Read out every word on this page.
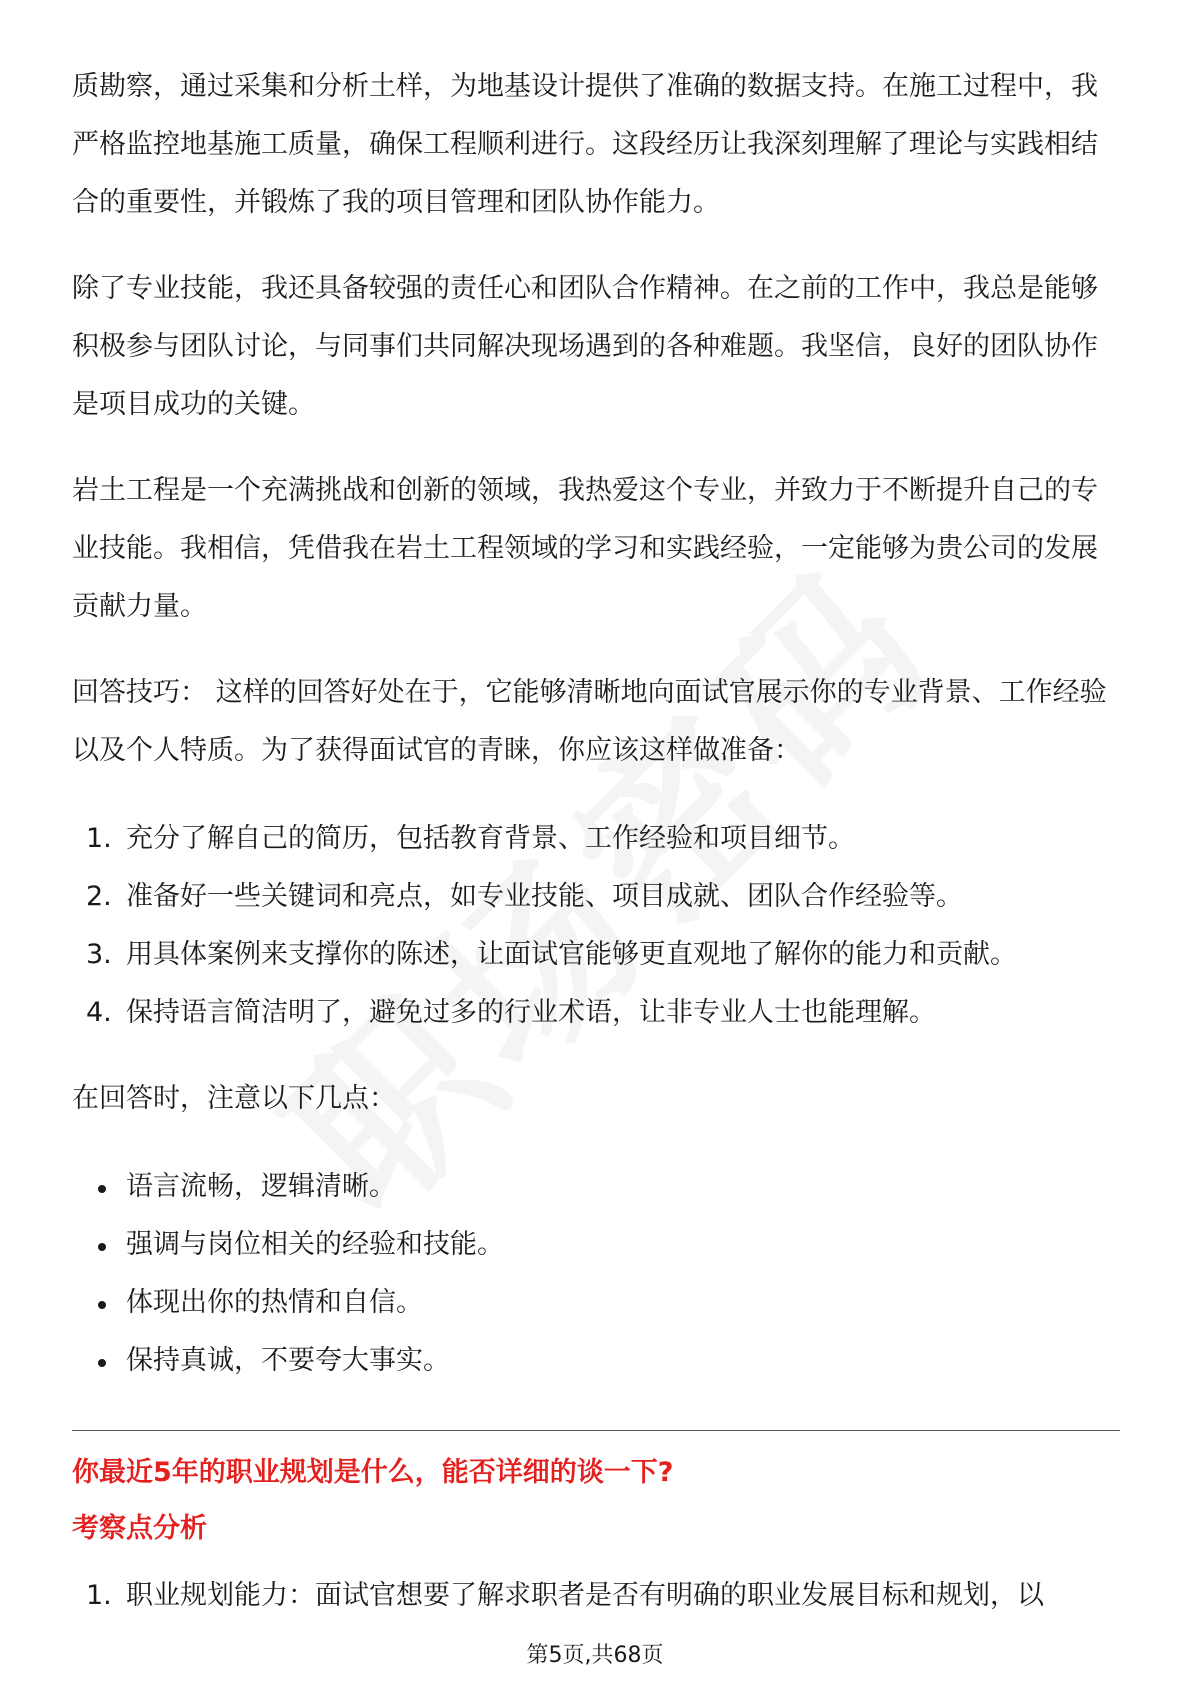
质勘察，通过采集和分析土样，为地基设计提供了准确的数据支持。在施工过程中，我严格监控地基施工质量，确保工程顺利进行。这段经历让我深刻理解了理论与实践相结合的重要性，并锻炼了我的项目管理和团队协作能力。

除了专业技能，我还具备较强的责任心和团队合作精神。在之前的工作中，我总是能够积极参与团队讨论，与同事们共同解决现场遇到的各种难题。我坚信，良好的团队协作是项目成功的关键。

岩土工程是一个充满挑战和创新的领域，我热爱这个专业，并致力于不断提升自己的专业技能。我相信，凭借我在岩土工程领域的学习和实践经验，一定能够为贵公司的发展贡献力量。

回答技巧： 这样的回答好处在于，它能够清晰地向面试官展示你的专业背景、工作经验以及个人特质。为了获得面试官的青睐，你应该这样做准备：

1. 充分了解自己的简历，包括教育背景、工作经验和项目细节。
2. 准备好一些关键词和亮点，如专业技能、项目成就、团队合作经验等。
3. 用具体案例来支撑你的陈述，让面试官能够更直观地了解你的能力和贡献。
4. 保持语言简洁明了，避免过多的行业术语，让非专业人士也能理解。

在回答时，注意以下几点：

语言流畅，逻辑清晰。
强调与岗位相关的经验和技能。
体现出你的热情和自信。
保持真诚，不要夸大事实。

你最近5年的职业规划是什么，能否详细的谈一下?

考察点分析

1. 职业规划能力：面试官想要了解求职者是否有明确的职业发展目标和规划，以
第5页,共68页
